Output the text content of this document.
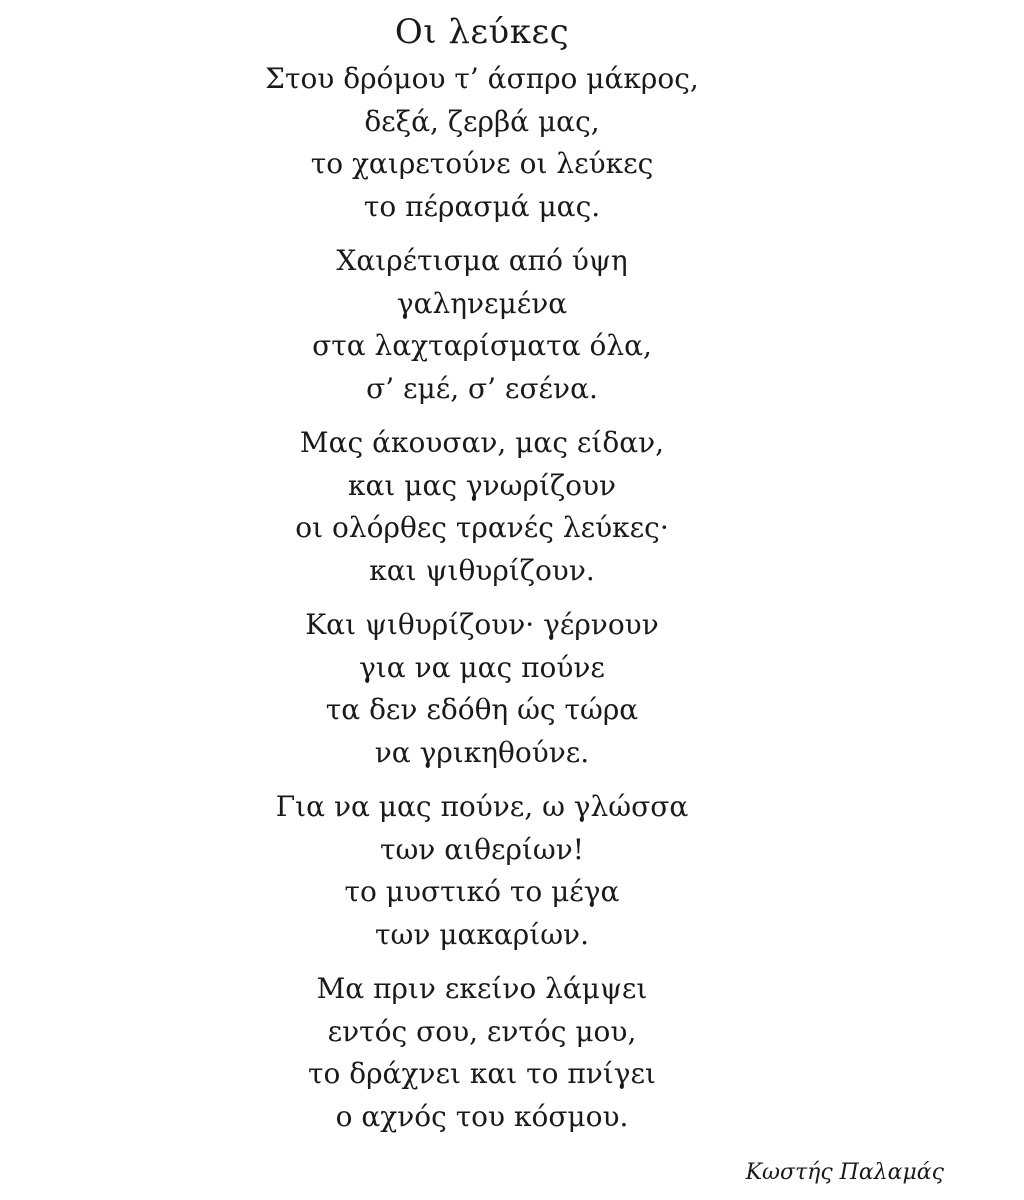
Οι λεύκες
Στου δρόμου τ’ άσπρο μάκρος,
δεξά, ζερβά μας,
το χαιρετούνε οι λεύκες
το πέρασμά μας.
Χαιρέτισμα από ύψη
γαληνεμένα
στα λαχταρίσματα όλα,
σ’ εμέ, σ’ εσένα.
Μας άκουσαν, μας είδαν,
και μας γνωρίζουν
οι ολόρθες τρανές λεύκες·
και ψιθυρίζουν.
Και ψιθυρίζουν· γέρνουν
για να μας πούνε
τα δεν εδόθη ώς τώρα
να γρικηθούνε.
Για να μας πούνε, ω γλώσσα
των αιθερίων!
το μυστικό το μέγα
των μακαρίων.
Μα πριν εκείνο λάμψει
εντός σου, εντός μου,
το δράχνει και το πνίγει
ο αχνός του κόσμου.
Κωστής Παλαμάς
